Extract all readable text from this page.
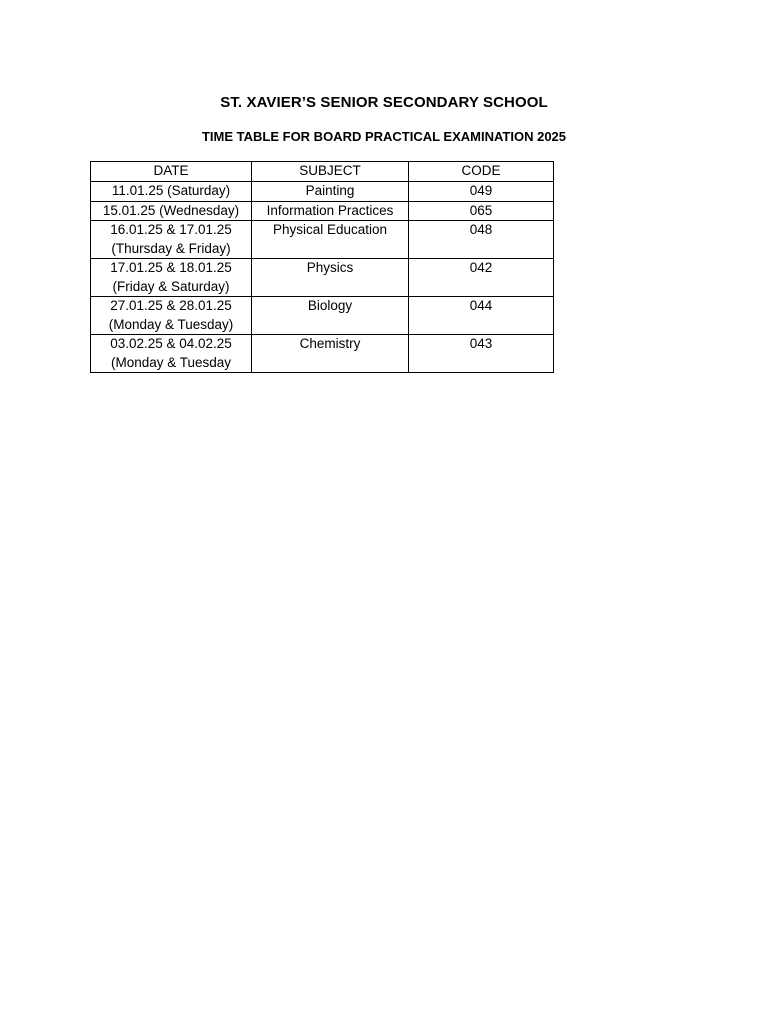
ST. XAVIER’S SENIOR SECONDARY SCHOOL
TIME TABLE FOR BOARD PRACTICAL EXAMINATION 2025
DATE	SUBJECT	CODE
11.01.25 (Saturday)	Painting	049
15.01.25 (Wednesday)	Information Practices	065
16.01.25 & 17.01.25
(Thursday & Friday)	Physical Education	048
17.01.25 & 18.01.25
(Friday & Saturday)	Physics	042
27.01.25 & 28.01.25
(Monday & Tuesday)	Biology	044
03.02.25 & 04.02.25
(Monday & Tuesday	Chemistry	043
